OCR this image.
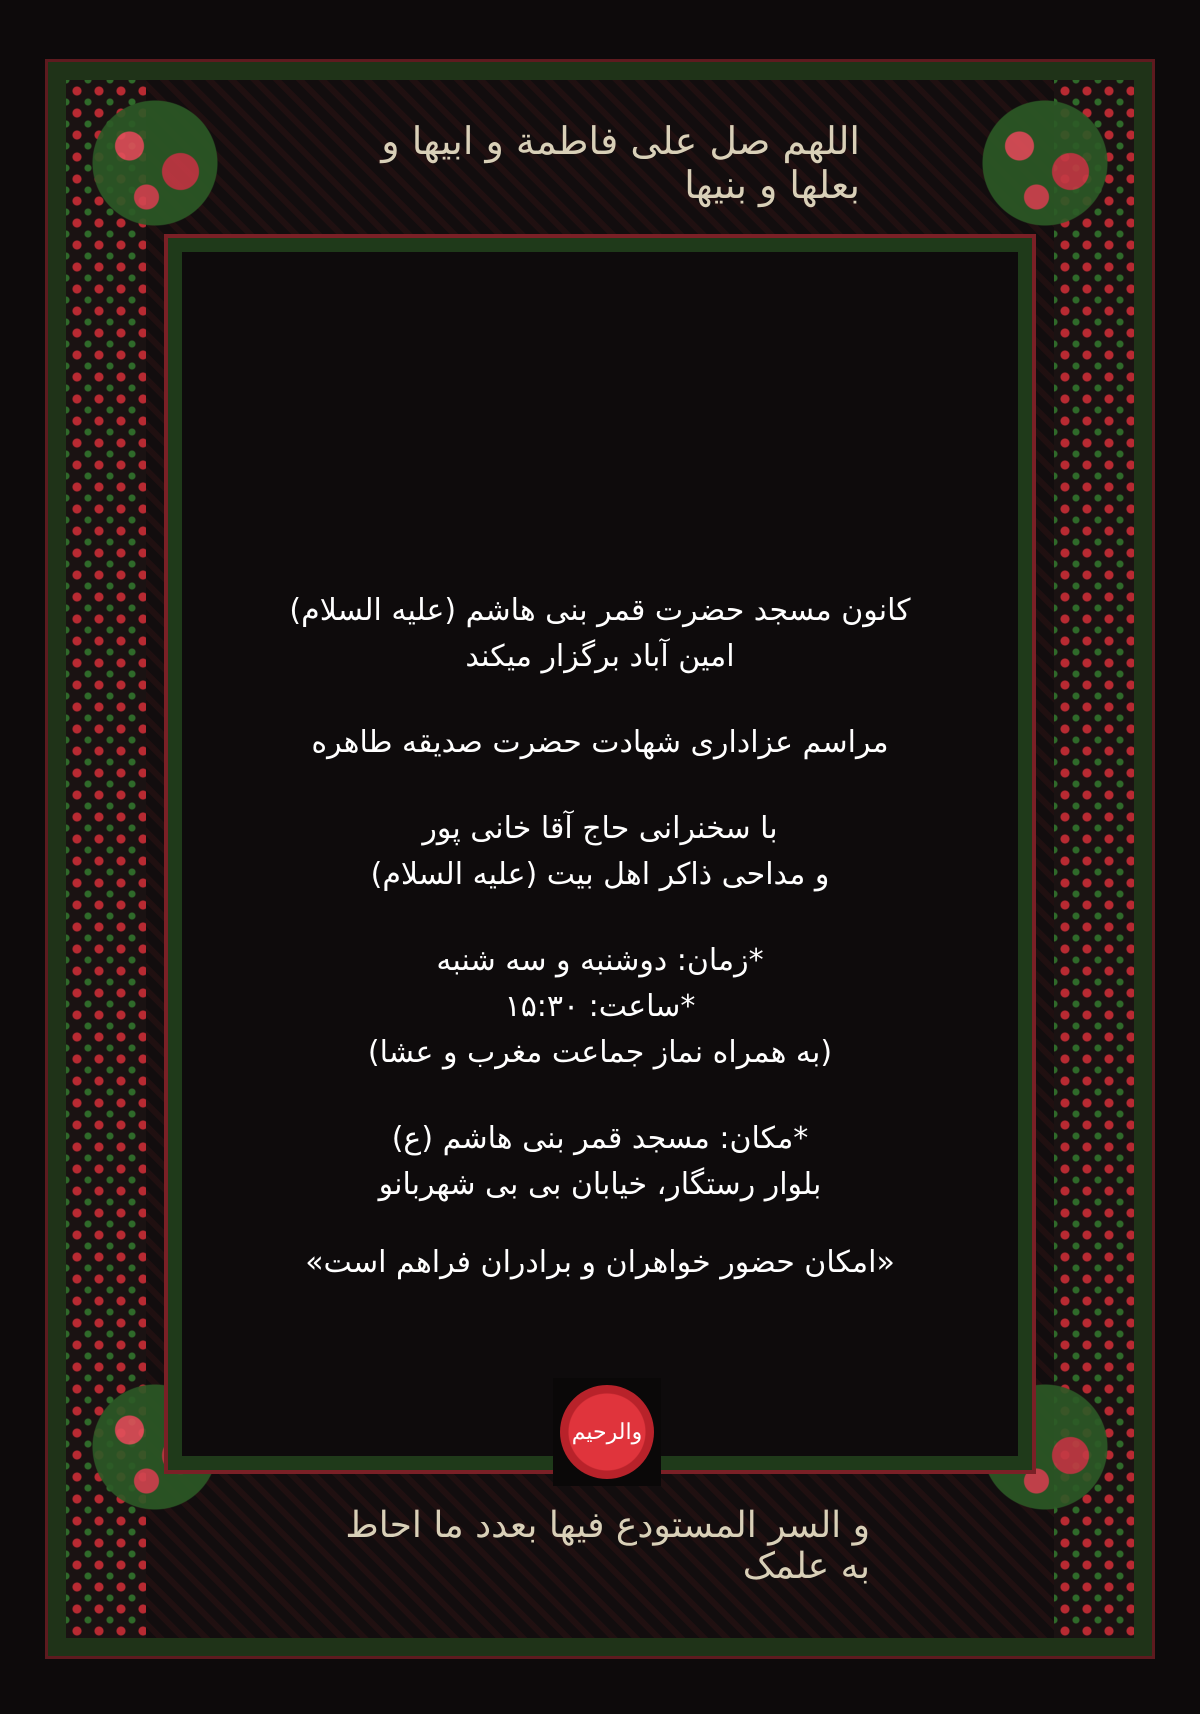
اللهم صل علی فاطمة و ابیها و بعلها و بنیها

کانون مسجد حضرت قمر بنی هاشم (علیه السلام)

امین آباد برگزار میکند

مراسم عزاداری شهادت حضرت صدیقه طاهره

با سخنرانی حاج آقا خانی پور

و مداحی ذاکر اهل بیت (علیه السلام)

*زمان: دوشنبه و سه شنبه

*ساعت: ۱۵:۳۰

(به همراه نماز جماعت مغرب و عشا)

*مکان: مسجد قمر بنی هاشم (ع)

بلوار رستگار، خیابان بی بی شهربانو

«امکان حضور خواهران و برادران فراهم است»

والرحیم
و السر المستودع فیها بعدد ما احاط به علمک
